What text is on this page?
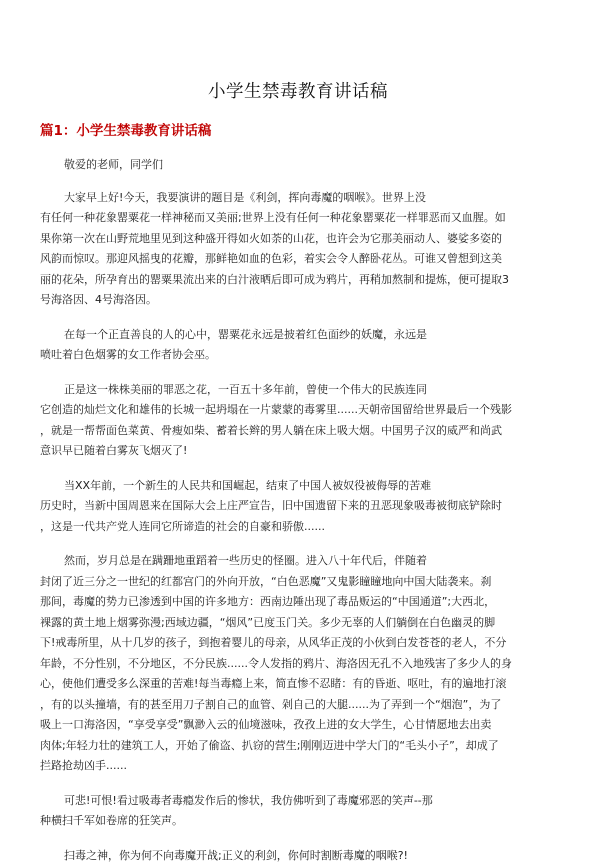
小学生禁毒教育讲话稿
篇1：小学生禁毒教育讲话稿
敬爱的老师，同学们
大家早上好!今天，我要演讲的题目是《利剑，挥向毒魔的咽喉》。世界上没
有任何一种花象罂粟花一样神秘而又美丽;世界上没有任何一种花象罂粟花一样罪恶而又血腥。如
果你第一次在山野荒地里见到这种盛开得如火如荼的山花，也许会为它那美丽动人、婆娑多姿的
风韵而惊叹。那迎风摇曳的花瓣，那鲜艳如血的色彩，着实会令人醉卧花丛。可谁又曾想到这美
丽的花朵，所孕育出的罂粟果流出来的白汁液晒后即可成为鸦片，再稍加熬制和提炼，便可提取3
号海洛因、4号海洛因。
在每一个正直善良的人的心中，罂粟花永远是披着红色面纱的妖魔，永远是
喷吐着白色烟雾的女工作者协会巫。
正是这一株株美丽的罪恶之花，一百五十多年前，曾使一个伟大的民族连同
它创造的灿烂文化和雄伟的长城一起坍塌在一片蒙蒙的毒雾里......天朝帝国留给世界最后一个残影
，就是一帮帮面色菜黄、骨瘦如柴、蓄着长辫的男人躺在床上吸大烟。中国男子汉的威严和尚武
意识早已随着白雾灰飞烟灭了!
当XX年前，一个新生的人民共和国崛起，结束了中国人被奴役被侮辱的苦难
历史时，当新中国周恩来在国际大会上庄严宣告，旧中国遗留下来的丑恶现象吸毒被彻底铲除时
，这是一代共产党人连同它所谛造的社会的自豪和骄傲......
然而，岁月总是在蹒跚地重蹈着一些历史的怪圈。进入八十年代后，伴随着
封闭了近三分之一世纪的红都宫门的外向开放，“白色恶魔”又鬼影瞳瞳地向中国大陆袭来。刹
那间，毒魔的势力已渗透到中国的许多地方：西南边陲出现了毒品贩运的“中国通道”;大西北，
裸露的黄土地上烟雾弥漫;西域边疆，“烟风”已度玉门关。多少无辜的人们躺倒在白色幽灵的脚
下!戒毒所里，从十几岁的孩子，到抱着婴儿的母亲，从风华正茂的小伙到白发苍苍的老人，不分
年龄，不分性别，不分地区，不分民族......令人发指的鸦片、海洛因无孔不入地残害了多少人的身
心，使他们遭受多么深重的苦难!每当毒瘾上来，简直惨不忍睹：有的昏逝、呕吐，有的遍地打滚
，有的以头撞墙，有的甚至用刀子割自己的血管、剁自己的大腿......为了弄到一个“烟泡”，为了
吸上一口海洛因，“享受享受”飘渺入云的仙境滋味，孜孜上进的女大学生，心甘情愿地去出卖
肉体;年轻力壮的建筑工人，开始了偷盗、扒窃的营生;刚刚迈进中学大门的“毛头小子”，却成了
拦路抢劫凶手......
可悲!可恨!看过吸毒者毒瘾发作后的惨状，我仿佛听到了毒魔邪恶的笑声--那
种横扫千军如卷席的狂笑声。
扫毒之神，你为何不向毒魔开战;正义的利剑，你何时割断毒魔的咽喉?!
